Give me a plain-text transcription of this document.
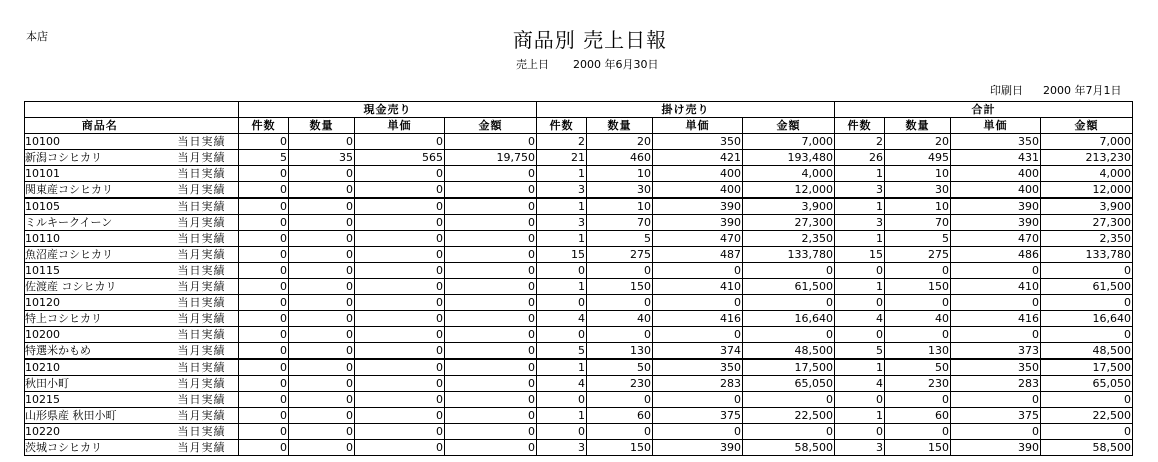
本店	商品別 売上日報
売上日 2000 年6月30日
印刷日 2000 年7月1日
		現金売り				掛け売り				合計			
商品名		件数	数量	単価	金額	件数	数量	単価	金額	件数	数量	単価	金額
10100	当日実績	0	0	0	0	2	20	350	7,000	2	20	350	7,000
新潟コシヒカリ	当月実績	5	35	565	19,750	21	460	421	193,480	26	495	431	213,230
10101	当日実績	0	0	0	0	1	10	400	4,000	1	10	400	4,000
関東産コシヒカリ	当月実績	0	0	0	0	3	30	400	12,000	3	30	400	12,000
10105	当日実績	0	0	0	0	1	10	390	3,900	1	10	390	3,900
ミルキークイーン	当月実績	0	0	0	0	3	70	390	27,300	3	70	390	27,300
10110	当日実績	0	0	0	0	1	5	470	2,350	1	5	470	2,350
魚沼産コシヒカリ	当月実績	0	0	0	0	15	275	487	133,780	15	275	486	133,780
10115	当日実績	0	0	0	0	0	0	0	0	0	0	0	0
佐渡産 コシヒカリ	当月実績	0	0	0	0	1	150	410	61,500	1	150	410	61,500
10120	当日実績	0	0	0	0	0	0	0	0	0	0	0	0
特上コシヒカリ	当月実績	0	0	0	0	4	40	416	16,640	4	40	416	16,640
10200	当日実績	0	0	0	0	0	0	0	0	0	0	0	0
特選米かもめ	当月実績	0	0	0	0	5	130	374	48,500	5	130	373	48,500
10210	当日実績	0	0	0	0	1	50	350	17,500	1	50	350	17,500
秋田小町	当月実績	0	0	0	0	4	230	283	65,050	4	230	283	65,050
10215	当日実績	0	0	0	0	0	0	0	0	0	0	0	0
山形県産 秋田小町	当月実績	0	0	0	0	1	60	375	22,500	1	60	375	22,500
10220	当日実績	0	0	0	0	0	0	0	0	0	0	0	0
茨城コシヒカリ	当月実績	0	0	0	0	3	150	390	58,500	3	150	390	58,500
